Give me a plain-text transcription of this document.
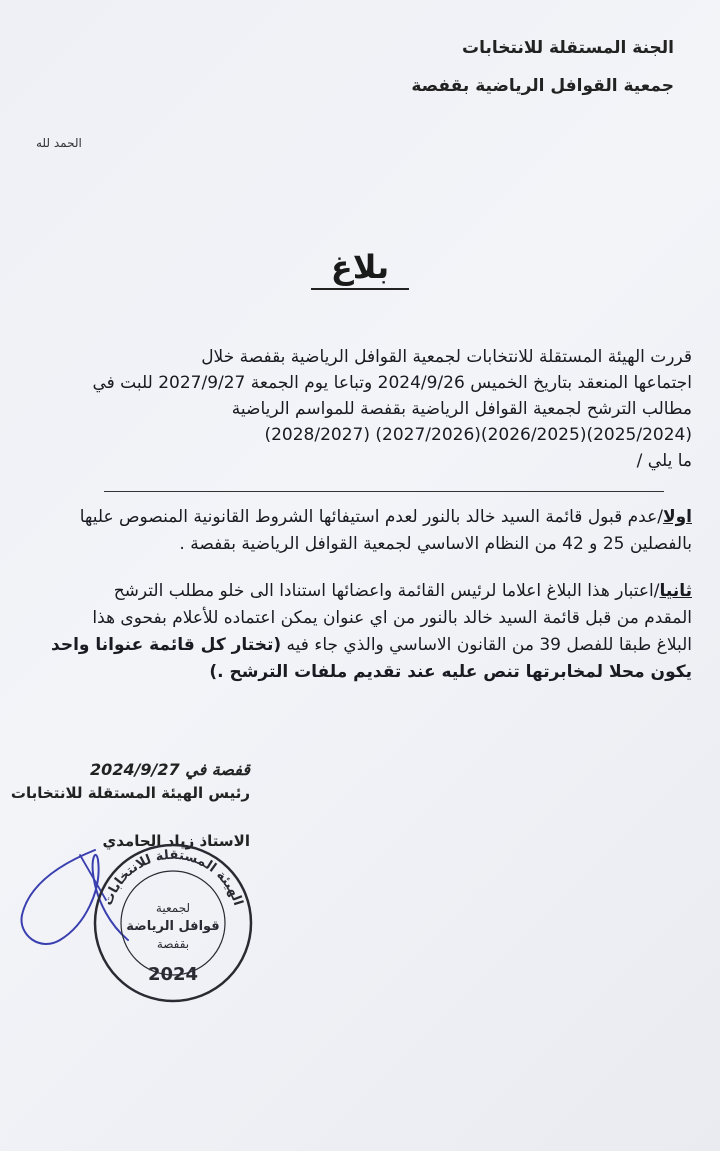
الجنة المستقلة للانتخابات
جمعية القوافل الرياضية بقفصة
الحمد لله
بلاغ
قررت الهيئة المستقلة للانتخابات لجمعية القوافل الرياضية بقفصة خلال
اجتماعها المنعقد بتاريخ الخميس 2024/9/26 وتباعا يوم الجمعة 2027/9/27 للبت في
مطالب الترشح لجمعية القوافل الرياضية بقفصة للمواسم الرياضية
(2025/2024)(2026/2025)(2027/2026) (2028/2027)
ما يلي /
اولا/عدم قبول قائمة السيد خالد بالنور لعدم استيفائها الشروط القانونية المنصوص عليها
بالفصلين 25 و 42 من النظام الاساسي لجمعية القوافل الرياضية بقفصة .
ثانيا/اعتبار هذا البلاغ اعلاما لرئيس القائمة واعضائها استنادا الى خلو مطلب الترشح
المقدم من قبل قائمة السيد خالد بالنور من اي عنوان يمكن اعتماده للأعلام بفحوى هذا
البلاغ طبقا للفصل 39 من القانون الاساسي والذي جاء فيه (تختار كل قائمة عنوانا واحد
يكون محلا لمخابرتها تنص عليه عند تقديم ملفات الترشح .)
قفصة في 2024/9/27
رئيس الهيئة المستقلة للانتخابات
الاستاذ زياد الحامدي
الهيئة المستقلة للانتخابات
لجمعية
قوافل الرياضة
بقفصة
2024
